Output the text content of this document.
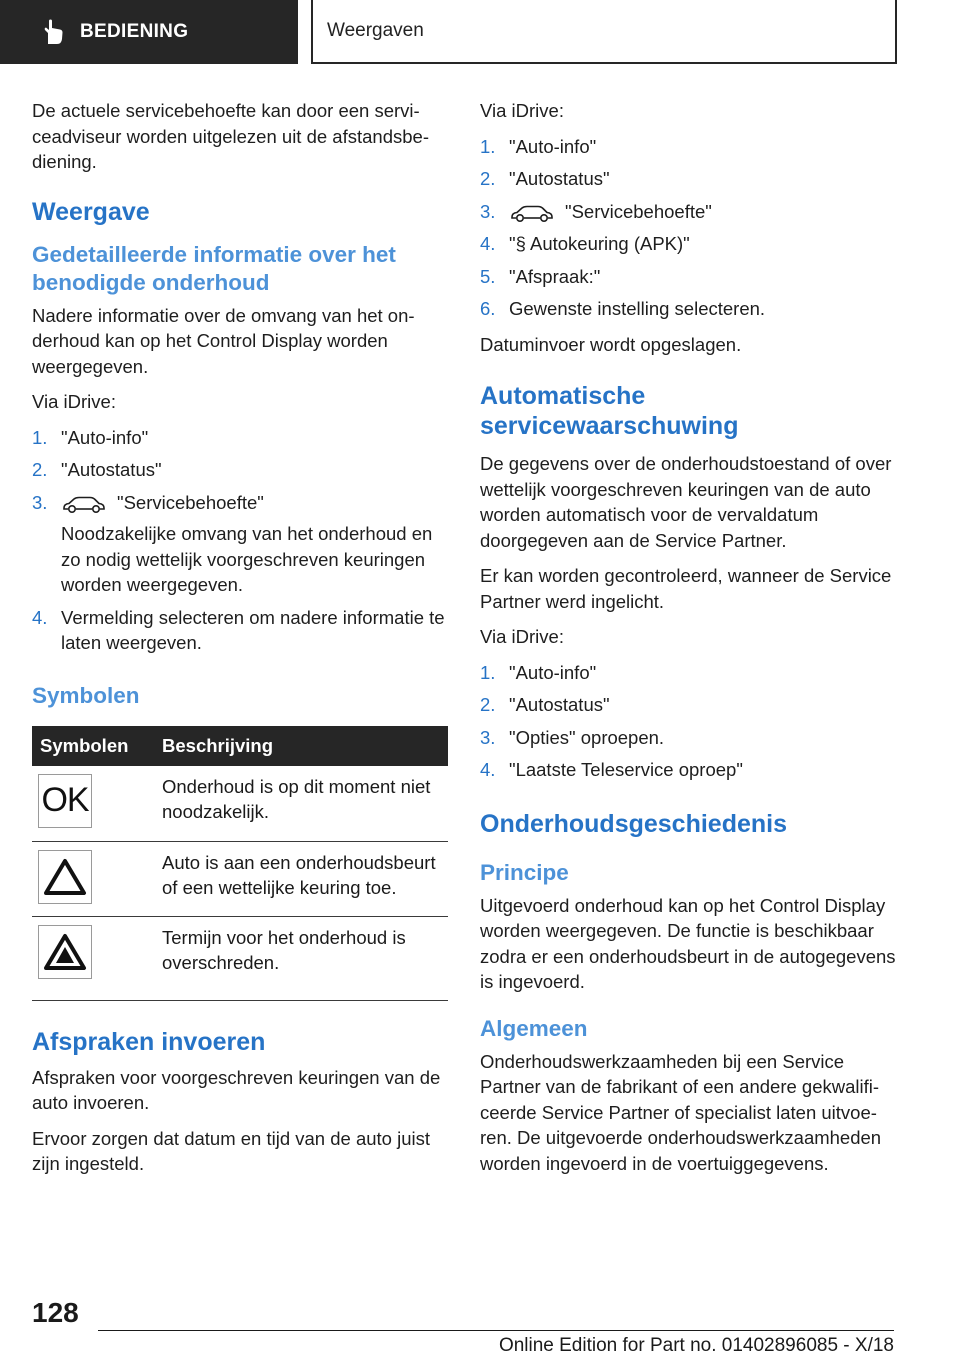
BEDIENING	Weergaven

De actuele servicebehoefte kan door een serviceadviseur worden uitgelezen uit de afstandsbediening.

Weergave
Gedetailleerde informatie over het benodigde onderhoud

Nadere informatie over de omvang van het onderhoud kan op het Control Display worden weergegeven.

Via iDrive:

1. "Auto-info"
2. "Autostatus"
3.	"Servicebehoefte"
Noodzakelijke omvang van het onderhoud en zo nodig wettelijk voorgeschreven keuringen worden weergegeven.
4. Vermelding selecteren om nadere informatie te laten weergeven.
Symbolen
Symbolen	Beschrijving

OK	Onderhoud is op dit moment niet noodzakelijk.

	Auto is aan een onderhoudsbeurt of een wettelijke keuring toe.

	Termijn voor het onderhoud is overschreden.
Afspraken invoeren

Afspraken voor voorgeschreven keuringen van de auto invoeren.

Ervoor zorgen dat datum en tijd van de auto juist zijn ingesteld.

Via iDrive:

1. "Auto-info"
2. "Autostatus"
3.	"Servicebehoefte"
4. "§ Autokeuring (APK)"
5. "Afspraak:"
6. Gewenste instelling selecteren.

Datuminvoer wordt opgeslagen.

Automatische servicewaarschuwing

De gegevens over de onderhoudstoestand of over wettelijk voorgeschreven keuringen van de auto worden automatisch voor de vervaldatum doorgegeven aan de Service Partner.

Er kan worden gecontroleerd, wanneer de Service Partner werd ingelicht.

Via iDrive:

1. "Auto-info"
2. "Autostatus"
3. "Opties" oproepen.
4. "Laatste Teleservice oproep"
Onderhoudsgeschiedenis
Principe

Uitgevoerd onderhoud kan op het Control Display worden weergegeven. De functie is beschikbaar zodra er een onderhoudsbeurt in de autogegevens is ingevoerd.

Algemeen

Onderhoudswerkzaamheden bij een Service Partner van de fabrikant of een andere gekwalificeerde Service Partner of specialist laten uitvoeren. De uitgevoerde onderhoudswerkzaamheden worden ingevoerd in de voertuiggegevens.

128
Online Edition for Part no. 01402896085 - X/18
